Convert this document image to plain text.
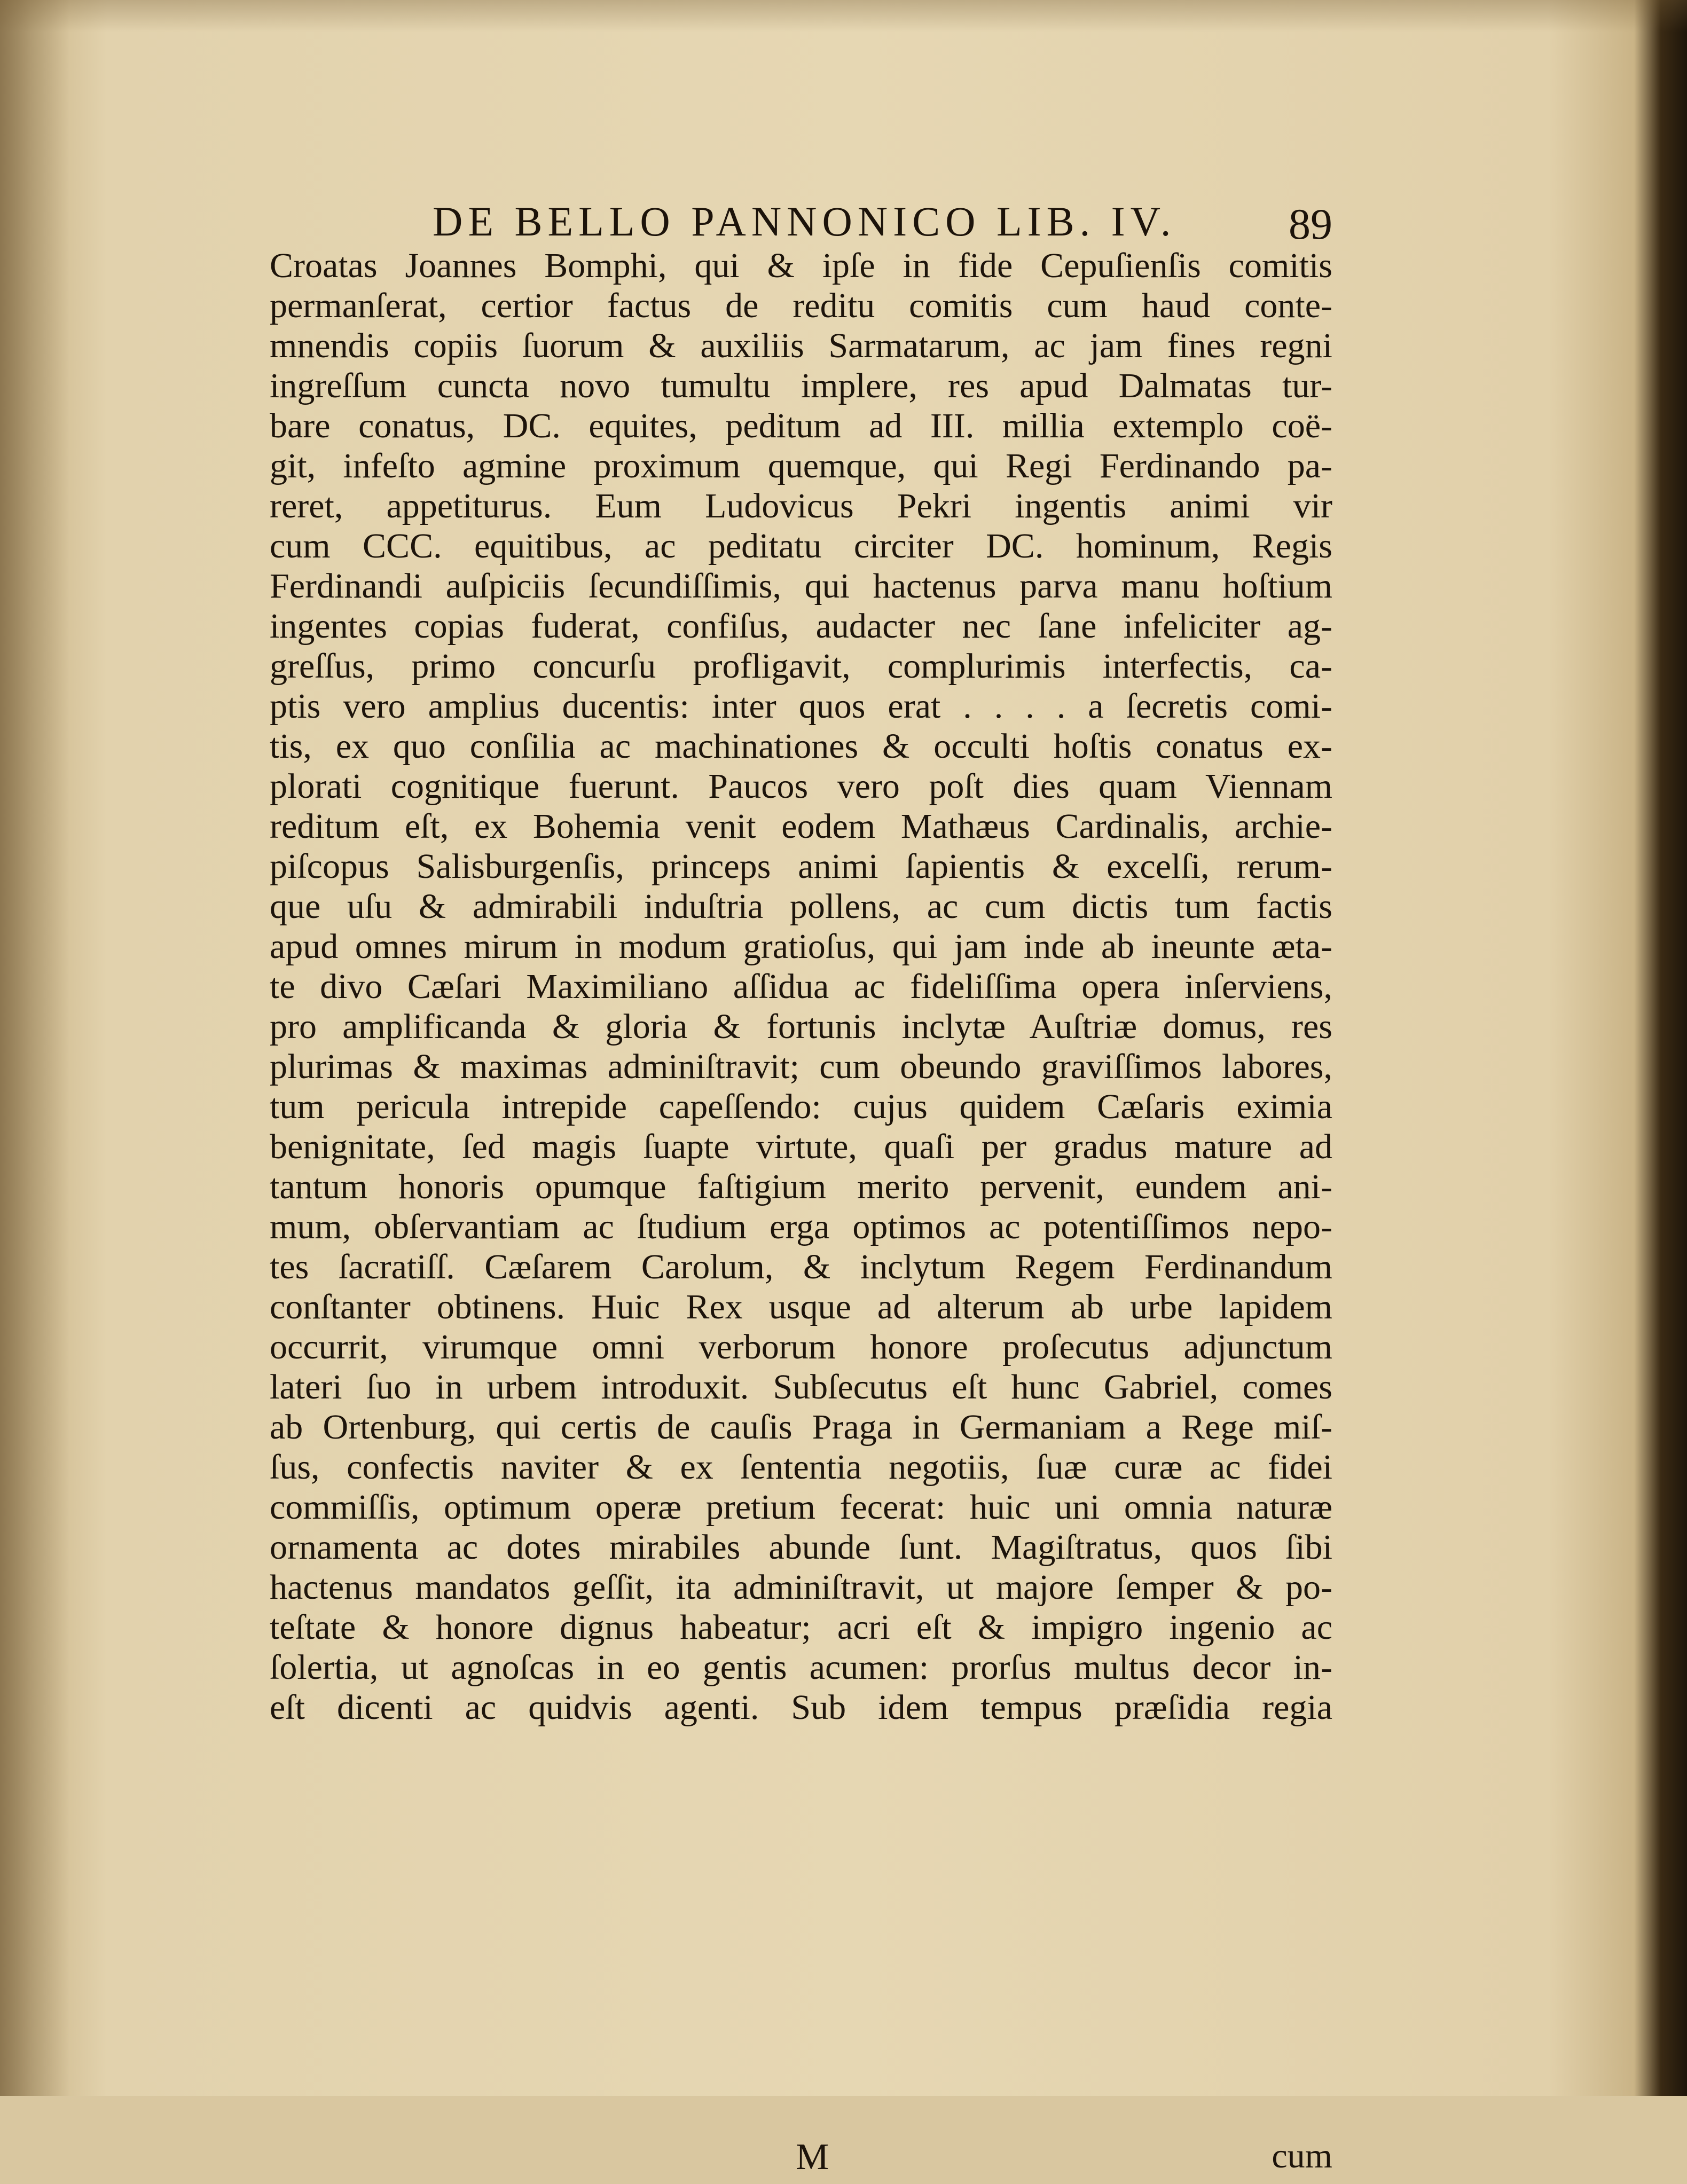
DE BELLO PANNONICO LIB. IV.	89
Croatas Joannes Bomphi, qui & ipſe in fide Cepuſienſis comitis
permanſerat, certior factus de reditu comitis cum haud conte-
mnendis copiis ſuorum & auxiliis Sarmatarum, ac jam fines regni
ingreſſum cuncta novo tumultu implere, res apud Dalmatas tur-
bare conatus, DC. equites, peditum ad III. millia extemplo coë-
git, infeſto agmine proximum quemque, qui Regi Ferdinando pa-
reret, appetiturus. Eum Ludovicus Pekri ingentis animi vir
cum CCC. equitibus, ac peditatu circiter DC. hominum, Regis
Ferdinandi auſpiciis ſecundiſſimis, qui hactenus parva manu hoſtium
ingentes copias fuderat, confiſus, audacter nec ſane infeliciter ag-
greſſus, primo concurſu profligavit, complurimis interfectis, ca-
ptis vero amplius ducentis: inter quos erat . . . . a ſecretis comi-
tis, ex quo conſilia ac machinationes & occulti hoſtis conatus ex-
plorati cognitique fuerunt. Paucos vero poſt dies quam Viennam
reditum eſt, ex Bohemia venit eodem Mathæus Cardinalis, archie-
piſcopus Salisburgenſis, princeps animi ſapientis & excelſi, rerum-
que uſu & admirabili induſtria pollens, ac cum dictis tum factis
apud omnes mirum in modum gratioſus, qui jam inde ab ineunte æta-
te divo Cæſari Maximiliano aſſidua ac fideliſſima opera inſerviens,
pro amplificanda & gloria & fortunis inclytæ Auſtriæ domus, res
plurimas & maximas adminiſtravit; cum obeundo graviſſimos labores,
tum pericula intrepide capeſſendo: cujus quidem Cæſaris eximia
benignitate, ſed magis ſuapte virtute, quaſi per gradus mature ad
tantum honoris opumque faſtigium merito pervenit, eundem ani-
mum, obſervantiam ac ſtudium erga optimos ac potentiſſimos nepo-
tes ſacratiſſ. Cæſarem Carolum, & inclytum Regem Ferdinandum
conſtanter obtinens. Huic Rex usque ad alterum ab urbe lapidem
occurrit, virumque omni verborum honore proſecutus adjunctum
lateri ſuo in urbem introduxit. Subſecutus eſt hunc Gabriel, comes
ab Ortenburg, qui certis de cauſis Praga in Germaniam a Rege miſ-
ſus, confectis naviter & ex ſententia negotiis, ſuæ curæ ac fidei
commiſſis, optimum operæ pretium fecerat: huic uni omnia naturæ
ornamenta ac dotes mirabiles abunde ſunt. Magiſtratus, quos ſibi
hactenus mandatos geſſit, ita adminiſtravit, ut majore ſemper & po-
teſtate & honore dignus habeatur; acri eſt & impigro ingenio ac
ſolertia, ut agnoſcas in eo gentis acumen: prorſus multus decor in-
eſt dicenti ac quidvis agenti. Sub idem tempus præſidia regia
M	cum
